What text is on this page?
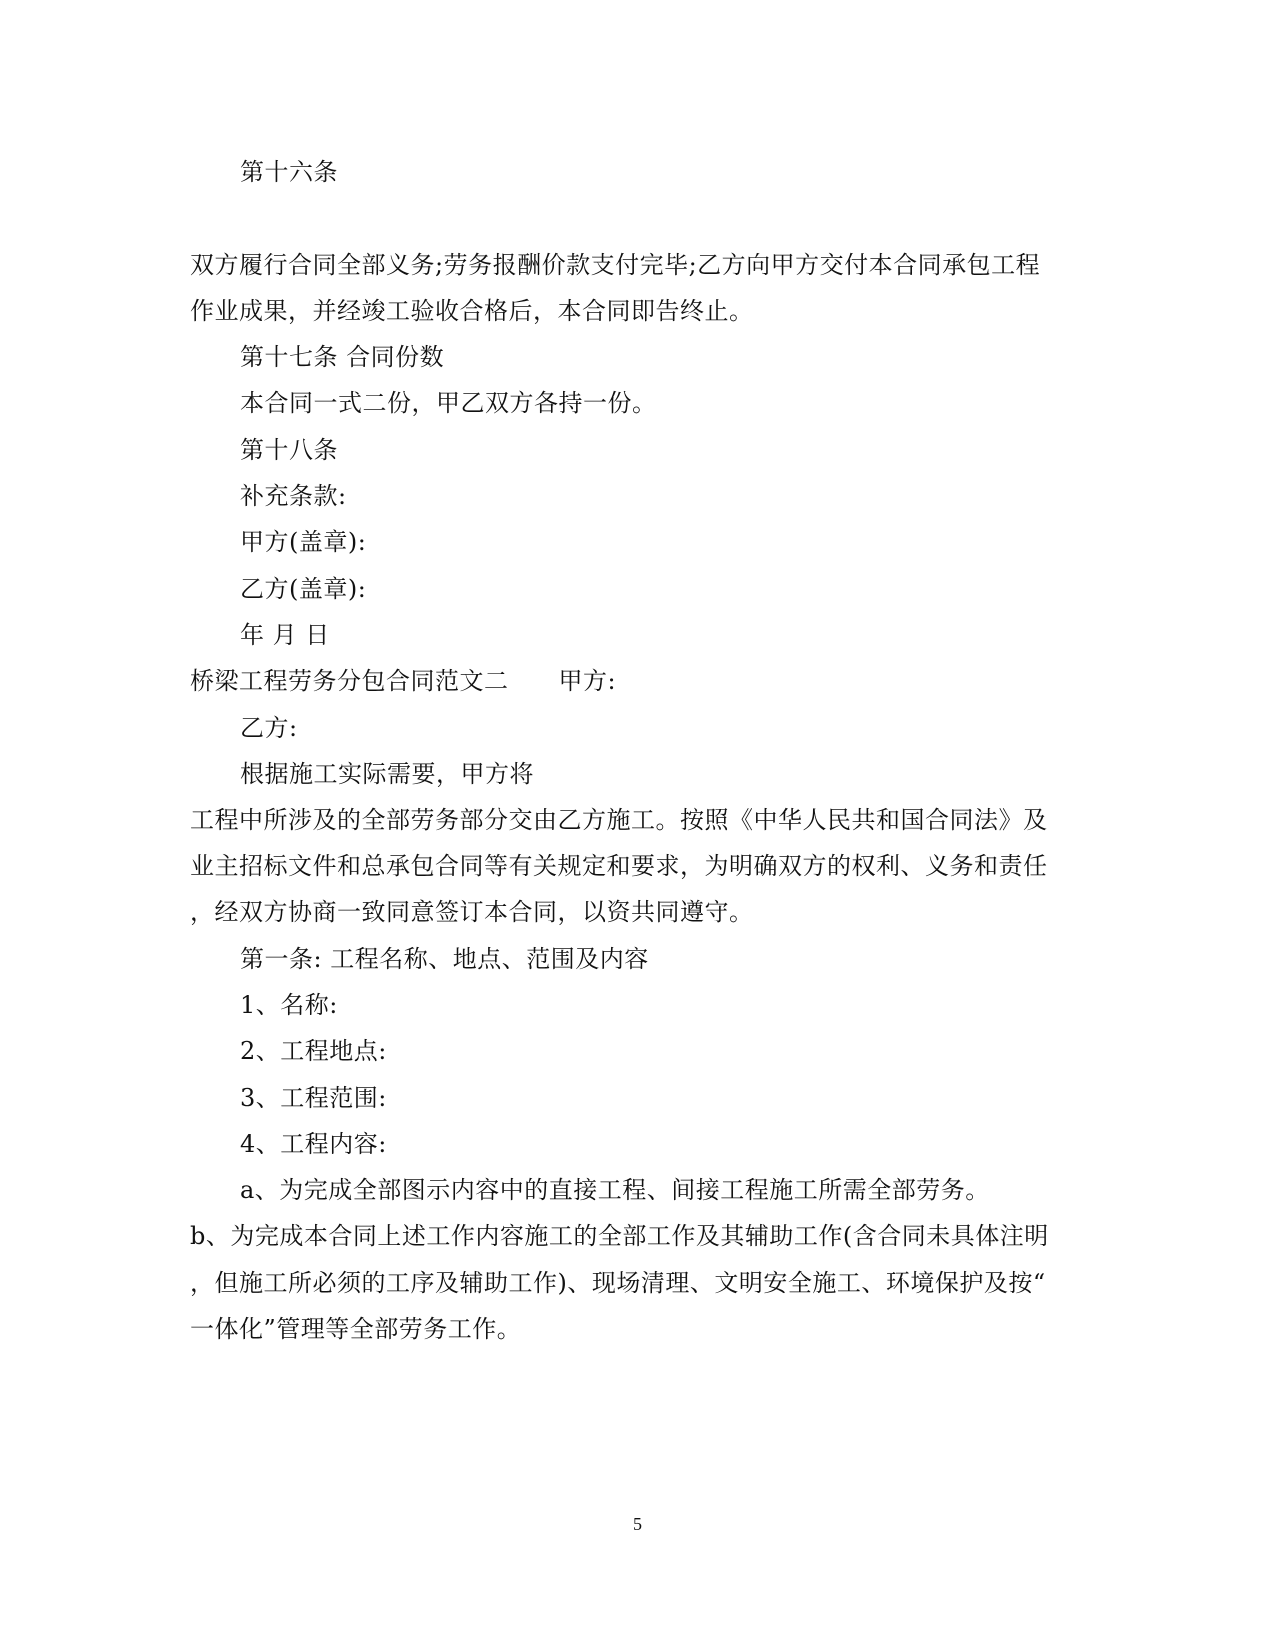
第十六条
双方履行合同全部义务;劳务报酬价款支付完毕;乙方向甲方交付本合同承包工程
作业成果，并经竣工验收合格后，本合同即告终止。
第十七条 合同份数
本合同一式二份，甲乙双方各持一份。
第十八条
补充条款:
甲方(盖章):
乙方(盖章):
年 月 日
桥梁工程劳务分包合同范文二 甲方:
乙方:
根据施工实际需要，甲方将
工程中所涉及的全部劳务部分交由乙方施工。按照《中华人民共和国合同法》及
业主招标文件和总承包合同等有关规定和要求，为明确双方的权利、义务和责任
，经双方协商一致同意签订本合同，以资共同遵守。
第一条: 工程名称、地点、范围及内容
1、名称:
2、工程地点:
3、工程范围:
4、工程内容:
a、为完成全部图示内容中的直接工程、间接工程施工所需全部劳务。
b、为完成本合同上述工作内容施工的全部工作及其辅助工作(含合同未具体注明
，但施工所必须的工序及辅助工作)、现场清理、文明安全施工、环境保护及按“
一体化”管理等全部劳务工作。
5
